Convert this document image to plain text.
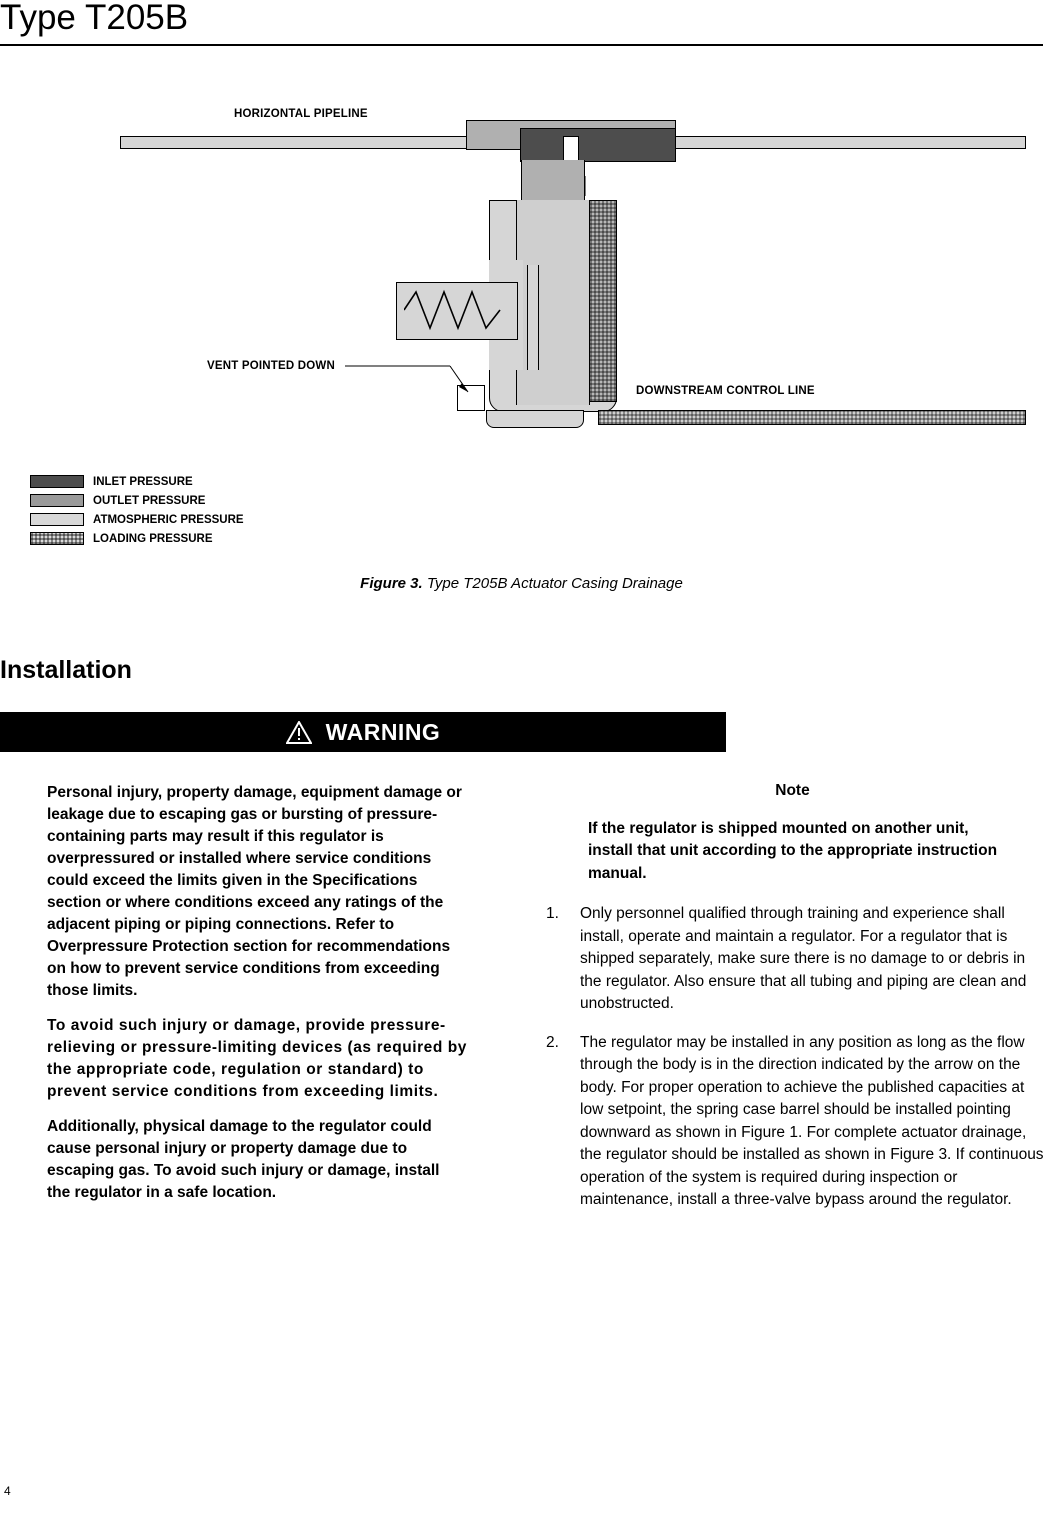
Type T205B
HORIZONTAL PIPELINE
VENT POINTED DOWN
DOWNSTREAM CONTROL LINE
INLET PRESSURE
OUTLET PRESSURE
ATMOSPHERIC PRESSURE
LOADING PRESSURE
Figure 3. Type T205B Actuator Casing Drainage
Installation
WARNING

Personal injury, property damage, equipment damage or leakage due to escaping gas or bursting of pressure-containing parts may result if this regulator is overpressured or installed where service conditions could exceed the limits given in the Specifications section or where conditions exceed any ratings of the adjacent piping or piping connections. Refer to Overpressure Protection section for recommendations on how to prevent service conditions from exceeding those limits.

To avoid such injury or damage, provide pressure-relieving or pressure-limiting devices (as required by the appropriate code, regulation or standard) to prevent service conditions from exceeding limits.

Additionally, physical damage to the regulator could cause personal injury or property damage due to escaping gas. To avoid such injury or damage, install the regulator in a safe location.

Note

If the regulator is shipped mounted on another unit, install that unit according to the appropriate instruction manual.

1.	Only personnel qualified through training and experience shall install, operate and maintain a regulator. For a regulator that is shipped separately, make sure there is no damage to or debris in the regulator. Also ensure that all tubing and piping are clean and unobstructed.
2.	The regulator may be installed in any position as long as the flow through the body is in the direction indicated by the arrow on the body. For proper operation to achieve the published capacities at low setpoint, the spring case barrel should be installed pointing downward as shown in Figure 1. For complete actuator drainage, the regulator should be installed as shown in Figure 3. If continuous operation of the system is required during inspection or maintenance, install a three-valve bypass around the regulator.
4
